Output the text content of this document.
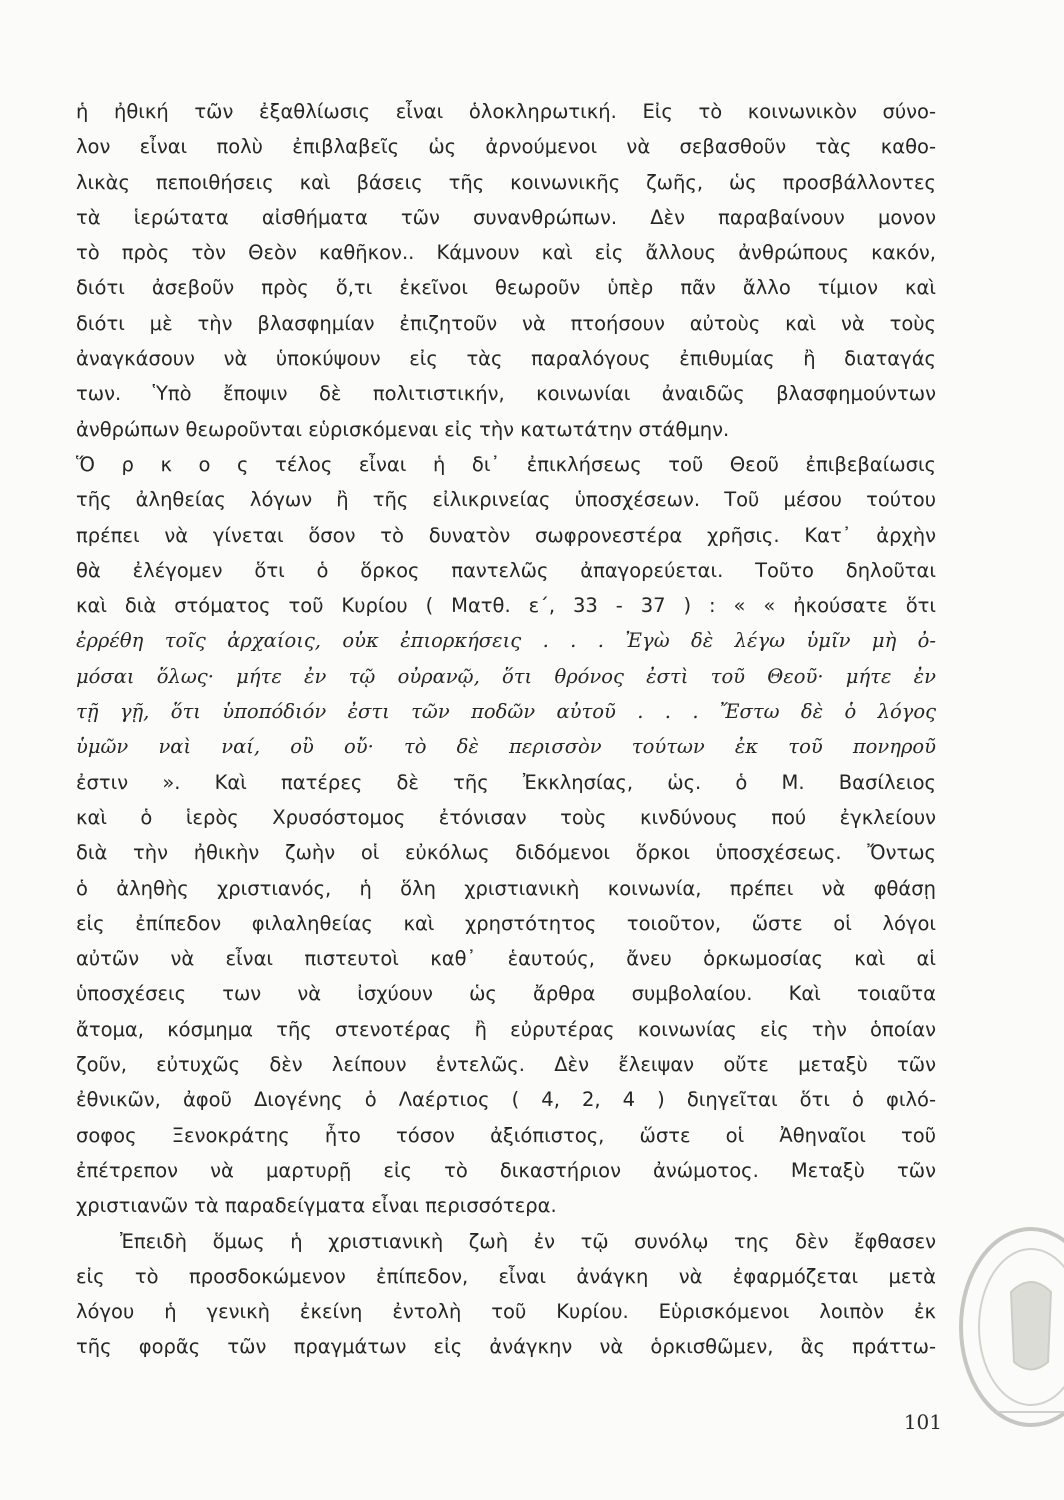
ἡ ἠθική τῶν ἐξαθλίωσις εἶναι ὁλοκληρωτική. Εἰς τὸ κοινωνικὸν σύνο-
λον εἶναι πολὺ ἐπιβλαβεῖς ὡς ἀρνούμενοι νὰ σεβασθοῦν τὰς καθο-
λικὰς πεποιθήσεις καὶ βάσεις τῆς κοινωνικῆς ζωῆς, ὡς προσβάλλοντες
τὰ ἱερώτατα αἰσθήματα τῶν συνανθρώπων. Δὲν παραβαίνουν μονον
τὸ πρὸς τὸν Θεὸν καθῆκον.. Κάμνουν καὶ εἰς ἄλλους ἀνθρώπους κακόν,
διότι ἀσεβοῦν πρὸς ὅ,τι ἐκεῖνοι θεωροῦν ὑπὲρ πᾶν ἄλλο τίμιον καὶ
διότι μὲ τὴν βλασφημίαν ἐπιζητοῦν νὰ πτοήσουν αὐτοὺς καὶ νὰ τοὺς
ἀναγκάσουν νὰ ὑποκύψουν εἰς τὰς παραλόγους ἐπιθυμίας ἢ διαταγάς
των. Ὑπὸ ἔποψιν δὲ πολιτιστικήν, κοινωνίαι ἀναιδῶς βλασφημούντων
ἀνθρώπων θεωροῦνται εὑρισκόμεναι εἰς τὴν κατωτάτην στάθμην.
Ὅ ρ κ ο ς τέλος εἶναι ἡ δι᾽ ἐπικλήσεως τοῦ Θεοῦ ἐπιβεβαίωσις
τῆς ἀληθείας λόγων ἢ τῆς εἰλικρινείας ὑποσχέσεων. Τοῦ μέσου τούτου
πρέπει νὰ γίνεται ὅσον τὸ δυνατὸν σωφρονεστέρα χρῆσις. Κατ᾽ ἀρχὴν
θὰ ἐλέγομεν ὅτι ὁ ὅρκος παντελῶς ἀπαγορεύεται. Τοῦτο δηλοῦται
καὶ διὰ στόματος τοῦ Κυρίου ( Ματθ. ε΄, 33 - 37 ) : « « ἠκούσατε ὅτι
ἐρρέθη τοῖς ἀρχαίοις, οὐκ ἐπιορκήσεις . . . Ἐγὼ δὲ λέγω ὑμῖν μὴ ὀ-
μόσαι ὅλως· μήτε ἐν τῷ οὐρανῷ, ὅτι θρόνος ἐστὶ τοῦ Θεοῦ· μήτε ἐν
τῇ γῇ, ὅτι ὑποπόδιόν ἐστι τῶν ποδῶν αὐτοῦ . . . Ἔστω δὲ ὁ λόγος
ὑμῶν ναὶ ναί, οὒ οὔ· τὸ δὲ περισσὸν τούτων ἐκ τοῦ πονηροῦ
ἐστιν ». Καὶ πατέρες δὲ τῆς Ἐκκλησίας, ὡς. ὁ Μ. Βασίλειος
καὶ ὁ ἱερὸς Χρυσόστομος ἐτόνισαν τοὺς κινδύνους πού ἐγκλείουν
διὰ τὴν ἠθικὴν ζωὴν οἱ εὐκόλως διδόμενοι ὅρκοι ὑποσχέσεως. Ὄντως
ὁ ἀληθὴς χριστιανός, ἡ ὅλη χριστιανικὴ κοινωνία, πρέπει νὰ φθάσῃ
εἰς ἐπίπεδον φιλαληθείας καὶ χρηστότητος τοιοῦτον, ὥστε οἱ λόγοι
αὐτῶν νὰ εἶναι πιστευτοὶ καθ᾽ ἑαυτούς, ἄνευ ὁρκωμοσίας καὶ αἱ
ὑποσχέσεις των νὰ ἰσχύουν ὡς ἄρθρα συμβολαίου. Καὶ τοιαῦτα
ἄτομα, κόσμημα τῆς στενοτέρας ἢ εὐρυτέρας κοινωνίας εἰς τὴν ὁποίαν
ζοῦν, εὐτυχῶς δὲν λείπουν ἐντελῶς. Δὲν ἔλειψαν οὔτε μεταξὺ τῶν
ἐθνικῶν, ἀφοῦ Διογένης ὁ Λαέρτιος ( 4, 2, 4 ) διηγεῖται ὅτι ὁ φιλό-
σοφος Ξενοκράτης ἦτο τόσον ἀξιόπιστος, ὥστε οἱ Ἀθηναῖοι τοῦ
ἐπέτρεπον νὰ μαρτυρῇ εἰς τὸ δικαστήριον ἀνώμοτος. Μεταξὺ τῶν
χριστιανῶν τὰ παραδείγματα εἶναι περισσότερα.
Ἐπειδὴ ὅμως ἡ χριστιανικὴ ζωὴ ἐν τῷ συνόλῳ της δὲν ἔφθασεν
εἰς τὸ προσδοκώμενον ἐπίπεδον, εἶναι ἀνάγκη νὰ ἐφαρμόζεται μετὰ
λόγου ἡ γενικὴ ἐκείνη ἐντολὴ τοῦ Κυρίου. Εὑρισκόμενοι λοιπὸν ἐκ
τῆς φορᾶς τῶν πραγμάτων εἰς ἀνάγκην νὰ ὁρκισθῶμεν, ἂς πράττω-
101
